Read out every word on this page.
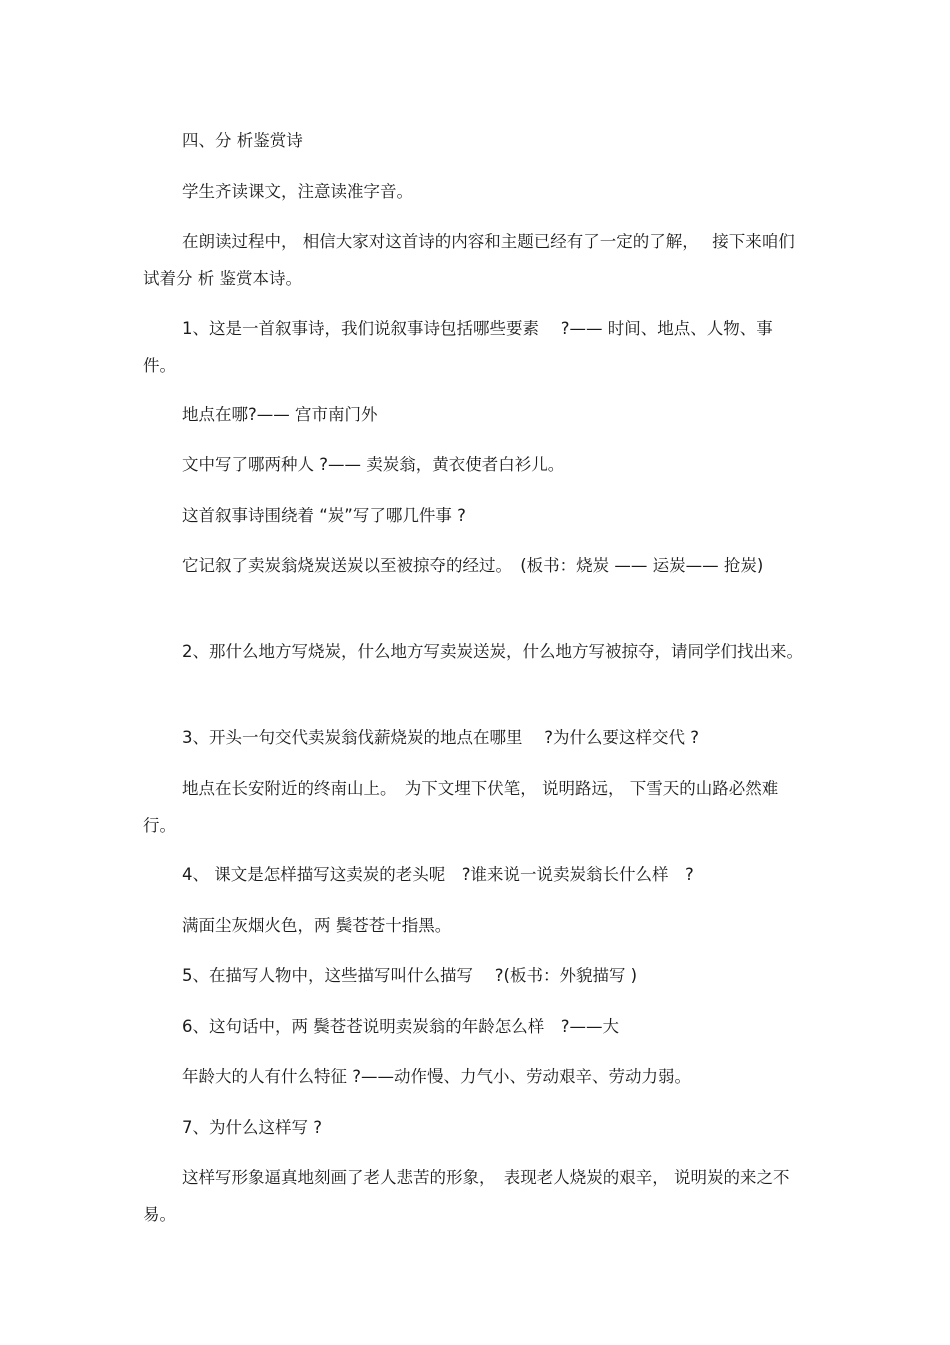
四、分 析鉴赏诗

学生齐读课文，注意读准字音。

在朗读过程中， 相信大家对这首诗的内容和主题已经有了一定的了解，　 接下来咱们试着分 析 鉴赏本诗。

1、这是一首叙事诗，我们说叙事诗包括哪些要素　 ?—— 时间、地点、人物、事件。

地点在哪?—— 宫市南门外

文中写了哪两种人 ?—— 卖炭翁，黄衣使者白衫儿。

这首叙事诗围绕着 “炭”写了哪几件事 ?

它记叙了卖炭翁烧炭送炭以至被掠夺的经过。　(板书：烧炭 —— 运炭—— 抢炭)

2、那什么地方写烧炭，什么地方写卖炭送炭，什么地方写被掠夺，请同学们找出来。

3、开头一句交代卖炭翁伐薪烧炭的地点在哪里　 ?为什么要这样交代 ?

地点在长安附近的终南山上。　为下文埋下伏笔， 说明路远， 下雪天的山路必然难行。

4、 课文是怎样描写这卖炭的老头呢　?谁来说一说卖炭翁长什么样　?

满面尘灰烟火色，两 鬓苍苍十指黑。

5、在描写人物中，这些描写叫什么描写　 ?(板书：外貌描写 )

6、这句话中，两 鬓苍苍说明卖炭翁的年龄怎么样　?——大

年龄大的人有什么特征 ?——动作慢、力气小、劳动艰辛、劳动力弱。

7、为什么这样写 ?

这样写形象逼真地刻画了老人悲苦的形象，　表现老人烧炭的艰辛， 说明炭的来之不易。
